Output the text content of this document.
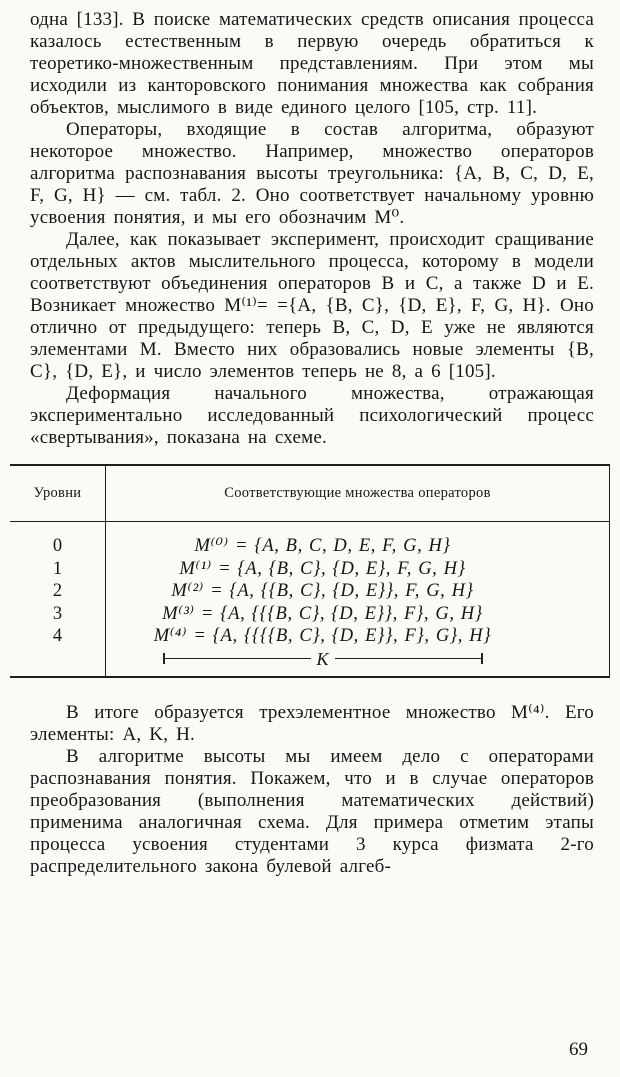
одна [133]. В поиске математических средств описания процесса казалось естественным в первую очередь обратиться к теоретико-множественным представлениям. При этом мы исходили из канторовского понимания множества как собрания объектов, мыслимого в виде единого целого [105, стр. 11].

Операторы, входящие в состав алгоритма, образуют некоторое множество. Например, множество операторов алгоритма распознавания высоты треугольника: {A, B, C, D, E, F, G, H} — см. табл. 2. Оно соответствует начальному уровню усвоения понятия, и мы его обозначим M⁰.

Далее, как показывает эксперимент, происходит сращивание отдельных актов мыслительного процесса, которому в модели соответствуют объединения операторов B и C, а также D и E. Возникает множество M⁽¹⁾= ={A, {B, C}, {D, E}, F, G, H}. Оно отлично от предыдущего: теперь B, C, D, E уже не являются элементами M. Вместо них образовались новые элементы {B, C}, {D, E}, и число элементов теперь не 8, а 6 [105].

Деформация начального множества, отражающая экспериментально исследованный психологический процесс «свертывания», показана на схеме.

Уровни	Соответствующие множества операторов
0	M⁽⁰⁾ = {A, B, C, D, E, F, G, H}
1	M⁽¹⁾ = {A, {B, C}, {D, E}, F, G, H}
2	M⁽²⁾ = {A, {{B, C}, {D, E}}, F, G, H}
3	M⁽³⁾ = {A, {{{B, C}, {D, E}}, F}, G, H}
4	M⁽⁴⁾ = {A, {{{{B, C}, {D, E}}, F}, G}, H}
K

В итоге образуется трехэлементное множество M⁽⁴⁾. Его элементы: A, K, H.

В алгоритме высоты мы имеем дело с операторами распознавания понятия. Покажем, что и в случае операторов преобразования (выполнения математических действий) применима аналогичная схема. Для примера отметим этапы процесса усвоения студентами 3 курса физмата 2-го распределительного закона булевой алгеб-

69
